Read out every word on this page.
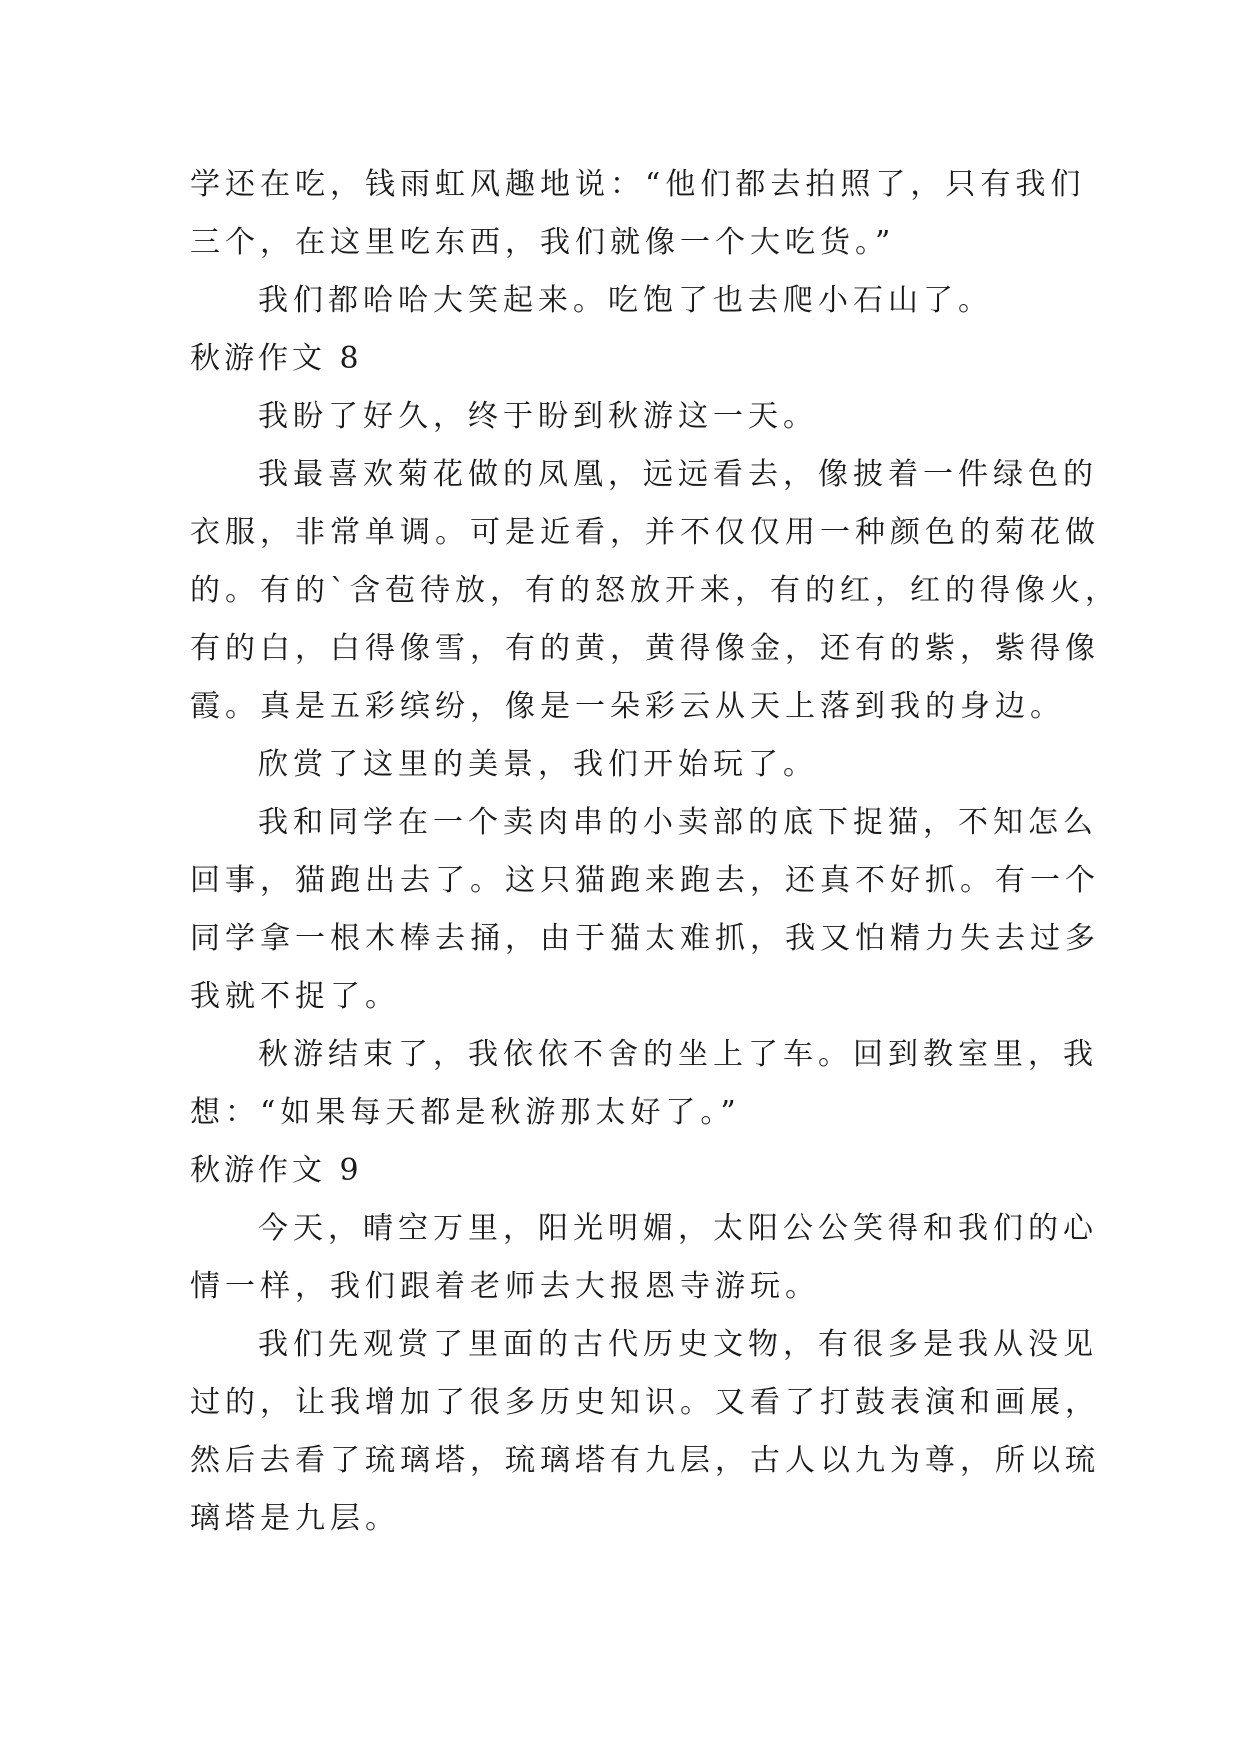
学还在吃，钱雨虹风趣地说：“他们都去拍照了，只有我们
三个，在这里吃东西，我们就像一个大吃货。”
我们都哈哈大笑起来。吃饱了也去爬小石山了。
秋游作文 8
我盼了好久，终于盼到秋游这一天。
我最喜欢菊花做的凤凰，远远看去，像披着一件绿色的
衣服，非常单调。可是近看，并不仅仅用一种颜色的菊花做
的。有的`含苞待放，有的怒放开来，有的红，红的得像火，
有的白，白得像雪，有的黄，黄得像金，还有的紫，紫得像
霞。真是五彩缤纷，像是一朵彩云从天上落到我的身边。
欣赏了这里的美景，我们开始玩了。
我和同学在一个卖肉串的小卖部的底下捉猫，不知怎么
回事，猫跑出去了。这只猫跑来跑去，还真不好抓。有一个
同学拿一根木棒去捅，由于猫太难抓，我又怕精力失去过多
我就不捉了。
秋游结束了，我依依不舍的坐上了车。回到教室里，我
想：“如果每天都是秋游那太好了。”
秋游作文 9
今天，晴空万里，阳光明媚，太阳公公笑得和我们的心
情一样，我们跟着老师去大报恩寺游玩。
我们先观赏了里面的古代历史文物，有很多是我从没见
过的，让我增加了很多历史知识。又看了打鼓表演和画展，
然后去看了琉璃塔，琉璃塔有九层，古人以九为尊，所以琉
璃塔是九层。
